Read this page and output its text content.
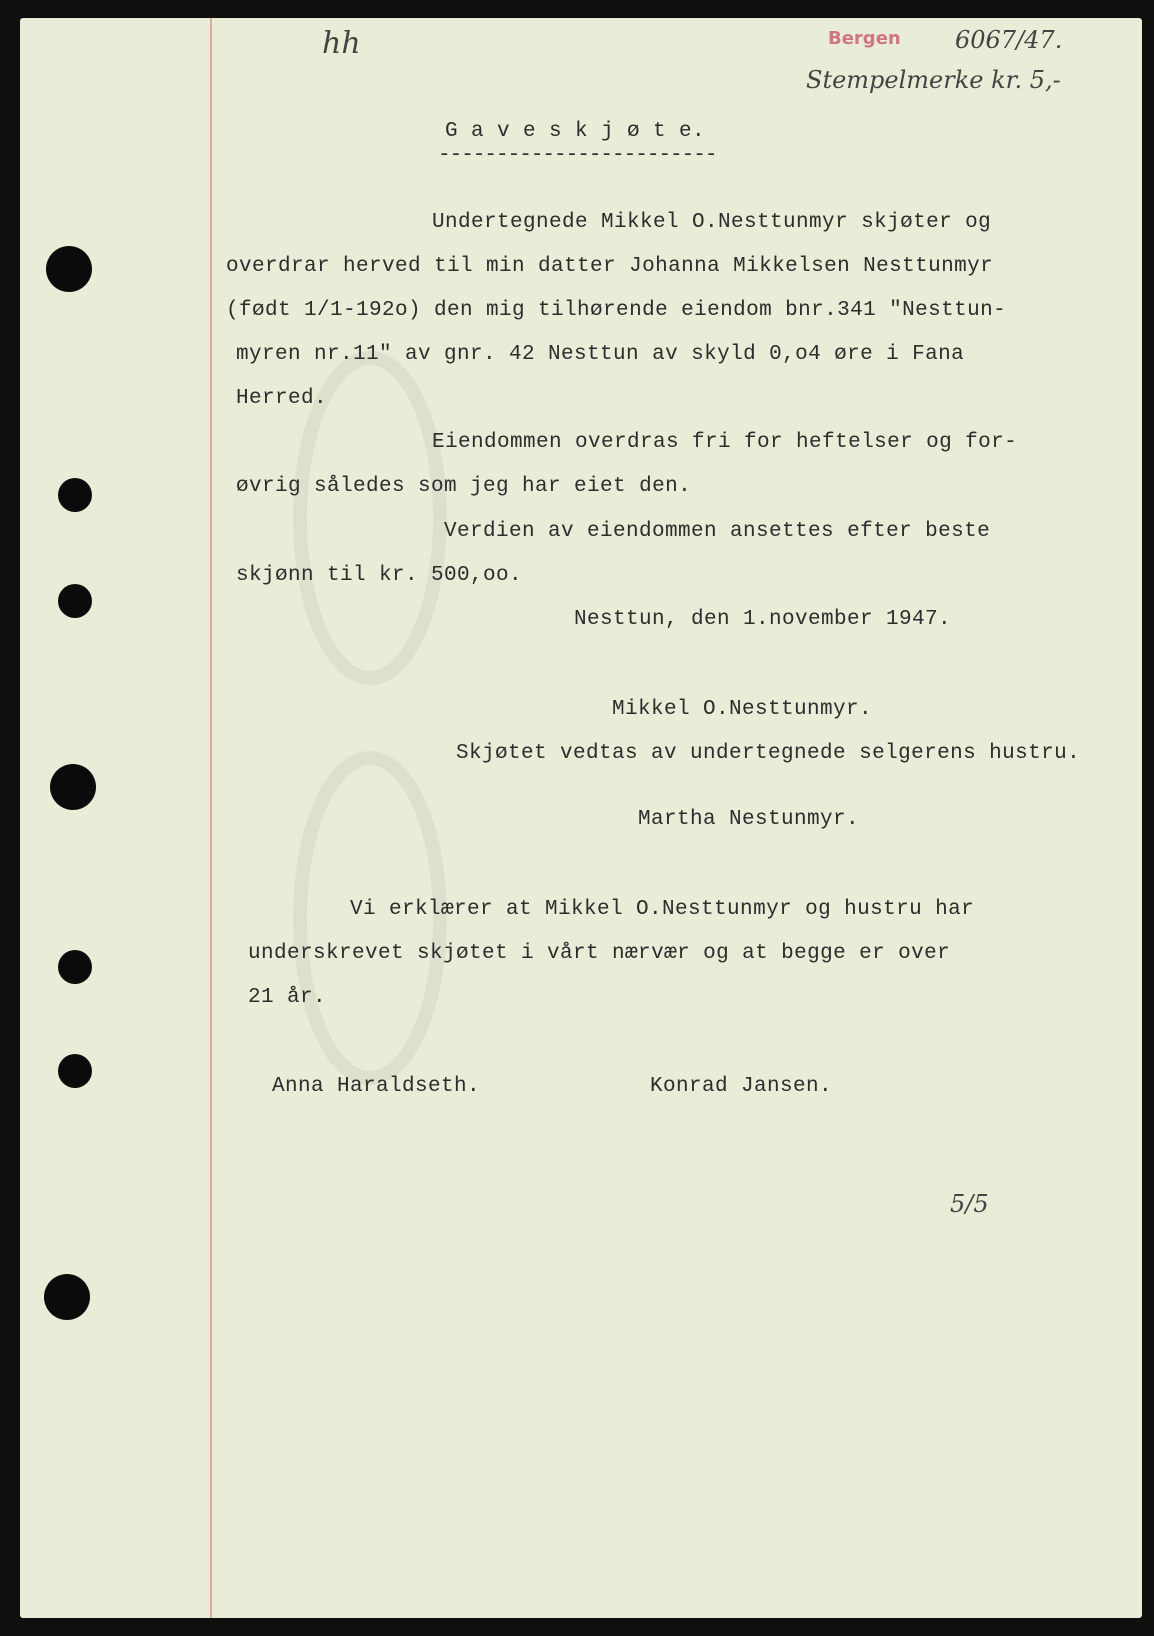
hh	Bergen 6067/47.
Stempelmerke kr. 5,-
G a v e s k j ø t e.
------------------------
Undertegnede Mikkel O.Nesttunmyr skjøter og
overdrar herved til min datter Johanna Mikkelsen Nesttunmyr
(født 1/1-192o) den mig tilhørende eiendom bnr.341 "Nesttun-
myren nr.11" av gnr. 42 Nesttun av skyld 0,o4 øre i Fana
Herred.
Eiendommen overdras fri for heftelser og for-
øvrig således som jeg har eiet den.
Verdien av eiendommen ansettes efter beste
skjønn til kr. 500,oo.
Nesttun, den 1.november 1947.
Mikkel O.Nesttunmyr.
Skjøtet vedtas av undertegnede selgerens hustru.
Martha Nestunmyr.
Vi erklærer at Mikkel O.Nesttunmyr og hustru har
underskrevet skjøtet i vårt nærvær og at begge er over
21 år.
Anna Haraldseth.	Konrad Jansen.
5/5
